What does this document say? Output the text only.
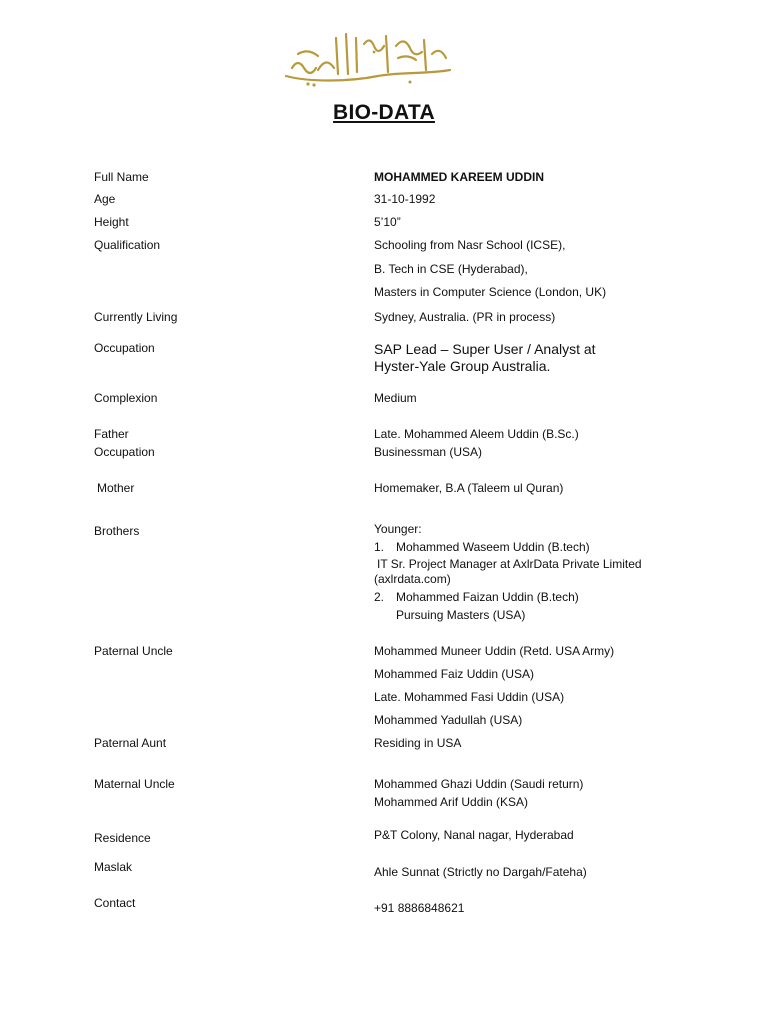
BIO-DATA
Full Name	MOHAMMED KAREEM UDDIN
Age	31-10-1992
Height	5’10”
Qualification	Schooling from Nasr School (ICSE),
B. Tech in CSE (Hyderabad),
Masters in Computer Science (London, UK)
Currently Living	Sydney, Australia. (PR in process)
Occupation	SAP Lead – Super User / Analyst at
Hyster-Yale Group Australia.
Complexion	Medium
Father	Late. Mohammed Aleem Uddin (B.Sc.)
Occupation	Businessman (USA)
Mother	Homemaker, B.A (Taleem ul Quran)
Brothers	Younger:
1. Mohammed Waseem Uddin (B.tech)
IT Sr. Project Manager at AxlrData Private Limited
(axlrdata.com)
2. Mohammed Faizan Uddin (B.tech)
Pursuing Masters (USA)
Paternal Uncle	Mohammed Muneer Uddin (Retd. USA Army)
Mohammed Faiz Uddin (USA)
Late. Mohammed Fasi Uddin (USA)
Mohammed Yadullah (USA)
Paternal Aunt	Residing in USA
Maternal Uncle	Mohammed Ghazi Uddin (Saudi return)
Mohammed Arif Uddin (KSA)
Residence	P&T Colony, Nanal nagar, Hyderabad
Maslak	Ahle Sunnat (Strictly no Dargah/Fateha)
Contact	+91 8886848621
